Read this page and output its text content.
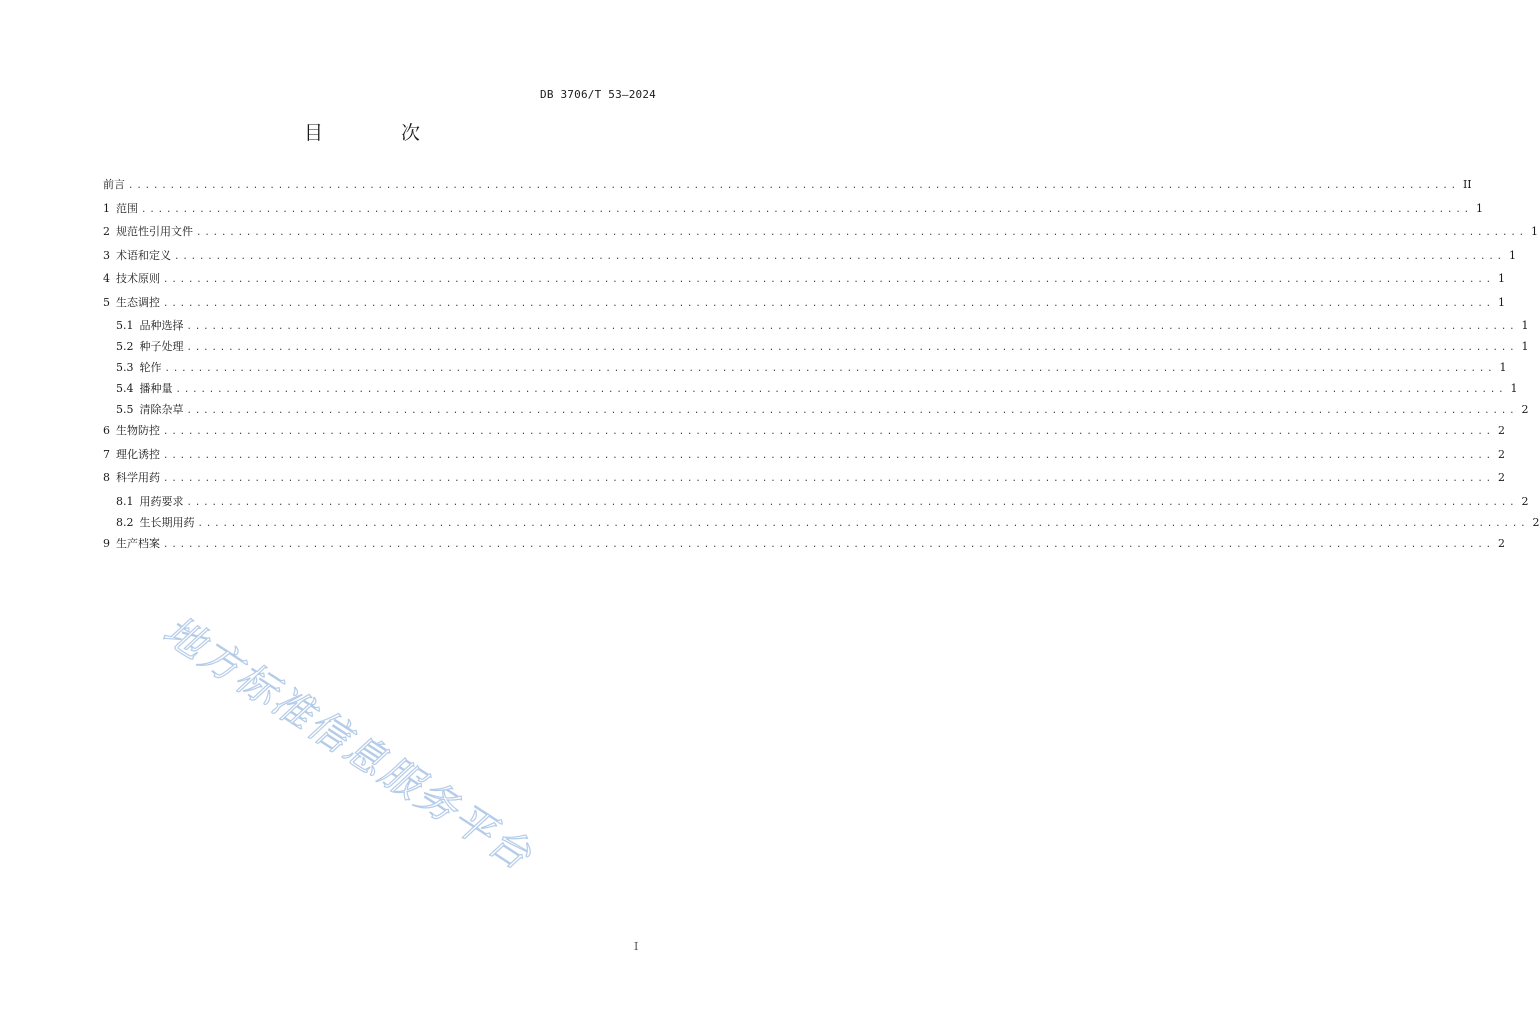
DB 3706/T 53—2024
目 次
前言 ................................................................................................................................................................ II
1 范围 ................................................................................................................................................................ 1
2 规范性引用文件 ................................................................................................................................................................ 1
3 术语和定义 ................................................................................................................................................................ 1
4 技术原则 ................................................................................................................................................................ 1
5 生态调控 ................................................................................................................................................................ 1
5.1 品种选择 ................................................................................................................................................................ 1
5.2 种子处理 ................................................................................................................................................................ 1
5.3 轮作 ................................................................................................................................................................ 1
5.4 播种量 ................................................................................................................................................................ 1
5.5 清除杂草 ................................................................................................................................................................ 2
6 生物防控 ................................................................................................................................................................ 2
7 理化诱控 ................................................................................................................................................................ 2
8 科学用药 ................................................................................................................................................................ 2
8.1 用药要求 ................................................................................................................................................................ 2
8.2 生长期用药 ................................................................................................................................................................ 2
9 生产档案 ................................................................................................................................................................ 2
I
地方标准信息服务平台
